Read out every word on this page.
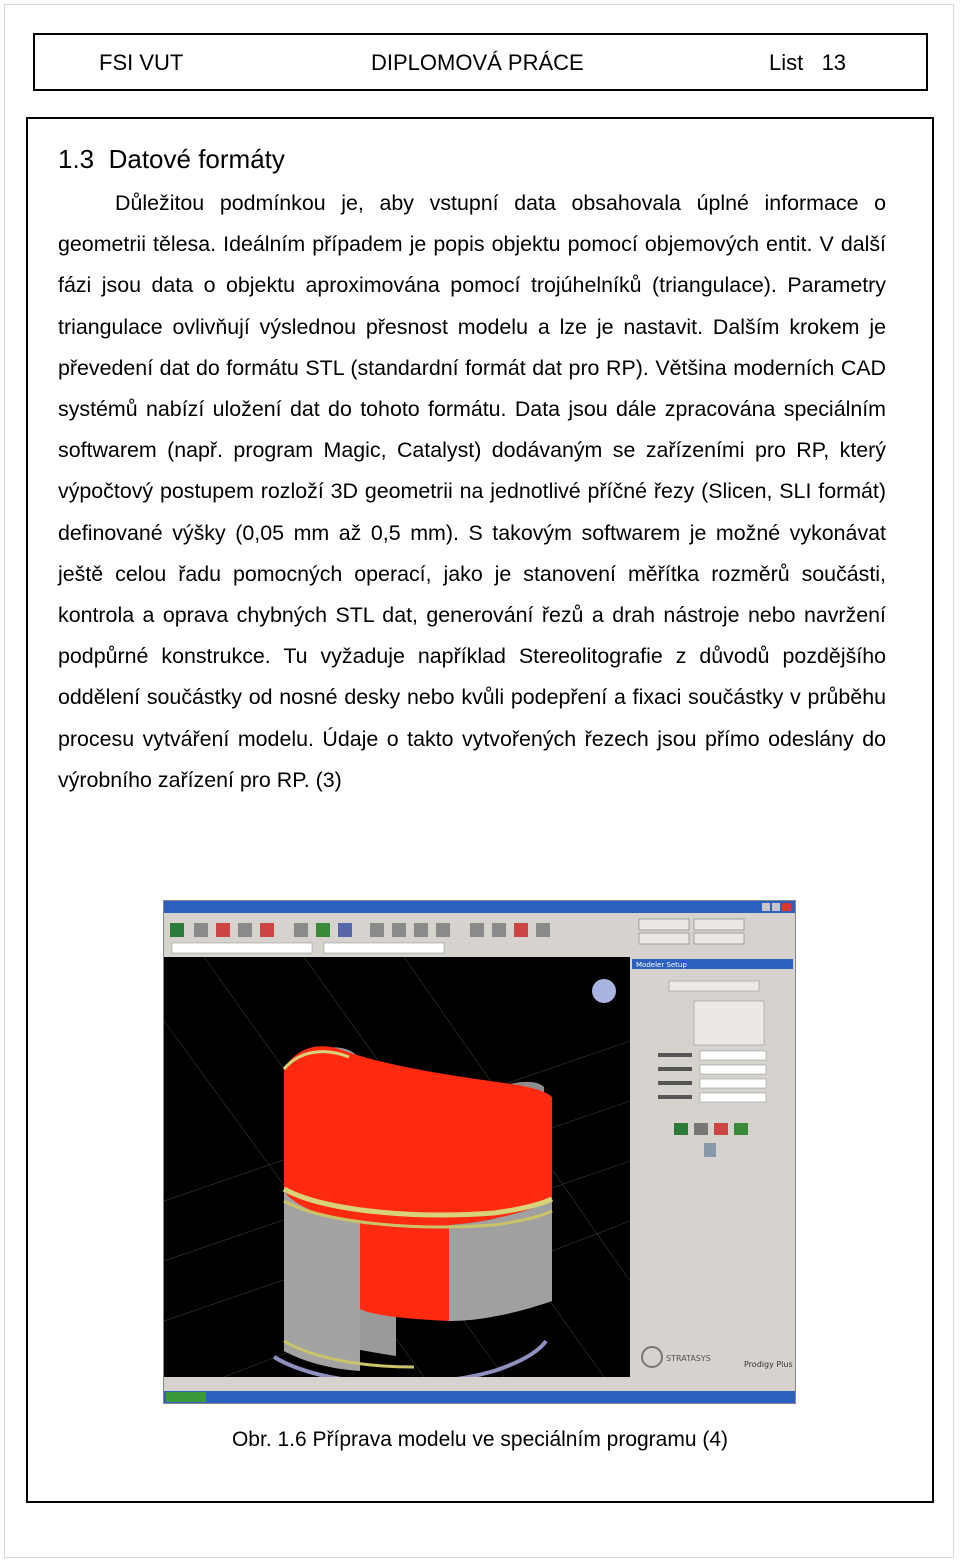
FSI VUT	DIPLOMOVÁ PRÁCE	List   13
1.3  Datové formáty

Důležitou podmínkou je, aby vstupní data obsahovala úplné informace o geometrii tělesa. Ideálním případem je popis objektu pomocí objemových entit. V další fázi jsou data o objektu aproximována pomocí trojúhelníků (triangulace). Parametry triangulace ovlivňují výslednou přesnost modelu a lze je nastavit. Dalším krokem je převedení dat do formátu STL (standardní formát dat pro RP). Většina moderních CAD systémů nabízí uložení dat do tohoto formátu. Data jsou dále zpracována speciálním softwarem (např. program Magic, Catalyst) dodávaným se zařízeními pro RP, který výpočtový postupem rozloží 3D geometrii na jednotlivé příčné řezy (Slicen, SLI formát) definované výšky (0,05 mm až 0,5 mm). S takovým softwarem je možné vykonávat ještě celou řadu pomocných operací, jako je stanovení měřítka rozměrů součásti, kontrola a oprava chybných STL dat, generování řezů a drah nástroje nebo navržení podpůrné konstrukce. Tu vyžaduje například Stereolitografie z důvodů pozdějšího oddělení součástky od nosné desky nebo kvůli podepření a fixaci součástky v průběhu procesu vytváření modelu. Údaje o takto vytvořených řezech jsou přímo odeslány do výrobního zařízení pro RP. (3)

Modeler Setup
STRATASYS
Prodigy Plus
Obr. 1.6 Příprava modelu ve speciálním programu (4)
